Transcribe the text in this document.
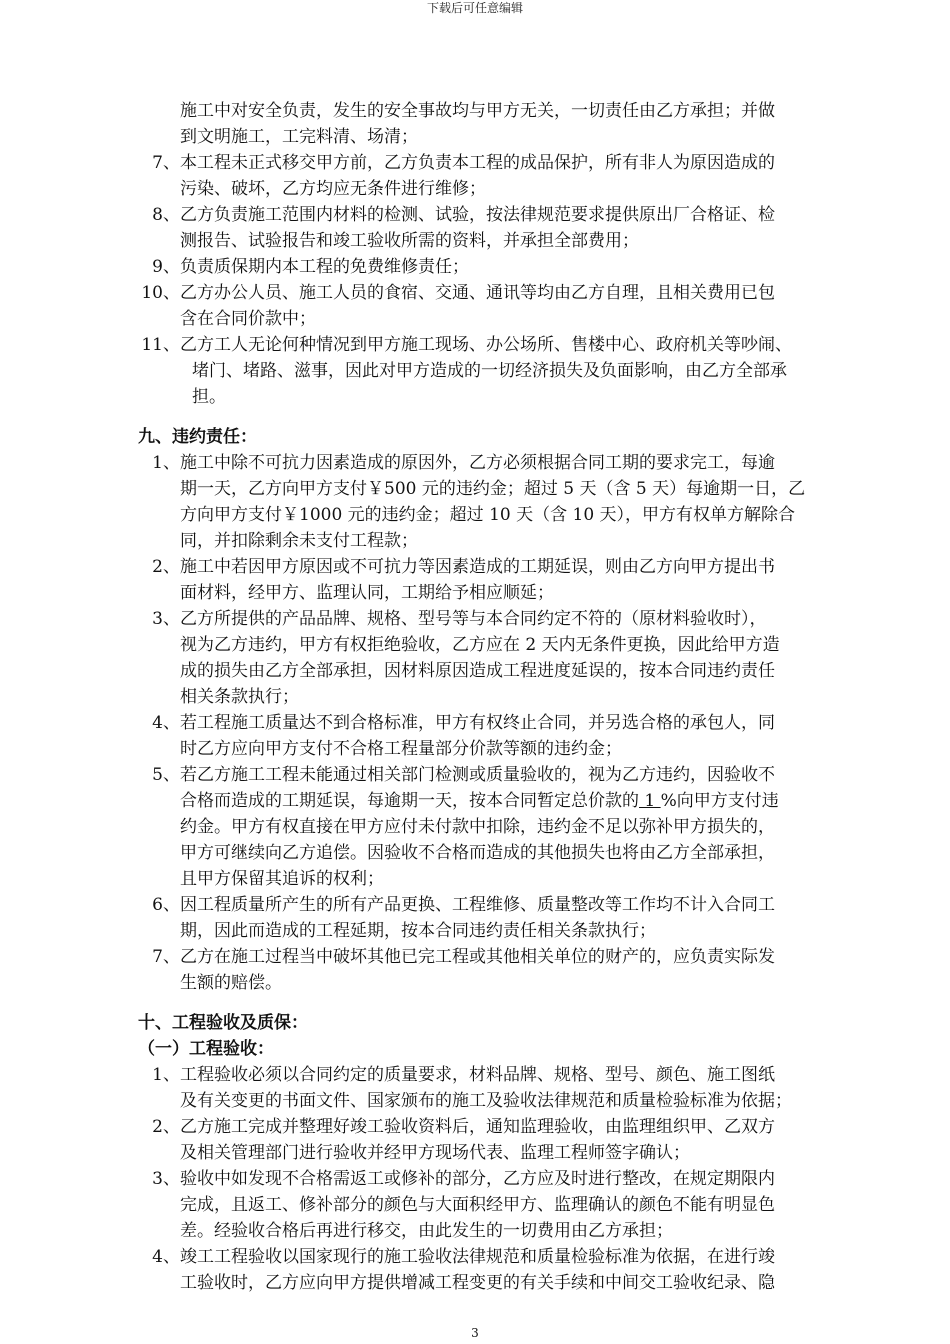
下载后可任意编辑
施工中对安全负责，发生的安全事故均与甲方无关，一切责任由乙方承担；并做
到文明施工，工完料清、场清；
7、本工程未正式移交甲方前，乙方负责本工程的成品保护，所有非人为原因造成的
污染、破坏，乙方均应无条件进行维修；
8、乙方负责施工范围内材料的检测、试验，按法律规范要求提供原出厂合格证、检
测报告、试验报告和竣工验收所需的资料，并承担全部费用；
9、负责质保期内本工程的免费维修责任；
10、乙方办公人员、施工人员的食宿、交通、通讯等均由乙方自理，且相关费用已包
含在合同价款中；
11、乙方工人无论何种情况到甲方施工现场、办公场所、售楼中心、政府机关等吵闹、
堵门、堵路、滋事，因此对甲方造成的一切经济损失及负面影响，由乙方全部承
担。
九、违约责任：
1、施工中除不可抗力因素造成的原因外，乙方必须根据合同工期的要求完工，每逾
期一天，乙方向甲方支付￥500 元的违约金；超过 5 天（含 5 天）每逾期一日，乙
方向甲方支付￥1000 元的违约金；超过 10 天（含 10 天），甲方有权单方解除合
同，并扣除剩余未支付工程款；
2、施工中若因甲方原因或不可抗力等因素造成的工期延误，则由乙方向甲方提出书
面材料，经甲方、监理认同，工期给予相应顺延；
3、乙方所提供的产品品牌、规格、型号等与本合同约定不符的（原材料验收时），
视为乙方违约，甲方有权拒绝验收，乙方应在 2 天内无条件更换，因此给甲方造
成的损失由乙方全部承担，因材料原因造成工程进度延误的，按本合同违约责任
相关条款执行；
4、若工程施工质量达不到合格标准，甲方有权终止合同，并另选合格的承包人，同
时乙方应向甲方支付不合格工程量部分价款等额的违约金；
5、若乙方施工工程未能通过相关部门检测或质量验收的，视为乙方违约，因验收不
合格而造成的工期延误，每逾期一天，按本合同暂定总价款的 1 %向甲方支付违
约金。甲方有权直接在甲方应付未付款中扣除，违约金不足以弥补甲方损失的，
甲方可继续向乙方追偿。因验收不合格而造成的其他损失也将由乙方全部承担，
且甲方保留其追诉的权利；
6、因工程质量所产生的所有产品更换、工程维修、质量整改等工作均不计入合同工
期，因此而造成的工程延期，按本合同违约责任相关条款执行；
7、乙方在施工过程当中破坏其他已完工程或其他相关单位的财产的，应负责实际发
生额的赔偿。
十、工程验收及质保：
（一）工程验收：
1、工程验收必须以合同约定的质量要求，材料品牌、规格、型号、颜色、施工图纸
及有关变更的书面文件、国家颁布的施工及验收法律规范和质量检验标准为依据；
2、乙方施工完成并整理好竣工验收资料后，通知监理验收，由监理组织甲、乙双方
及相关管理部门进行验收并经甲方现场代表、监理工程师签字确认；
3、验收中如发现不合格需返工或修补的部分，乙方应及时进行整改，在规定期限内
完成，且返工、修补部分的颜色与大面积经甲方、监理确认的颜色不能有明显色
差。经验收合格后再进行移交，由此发生的一切费用由乙方承担；
4、竣工工程验收以国家现行的施工验收法律规范和质量检验标准为依据，在进行竣
工验收时，乙方应向甲方提供增减工程变更的有关手续和中间交工验收纪录、隐
3
